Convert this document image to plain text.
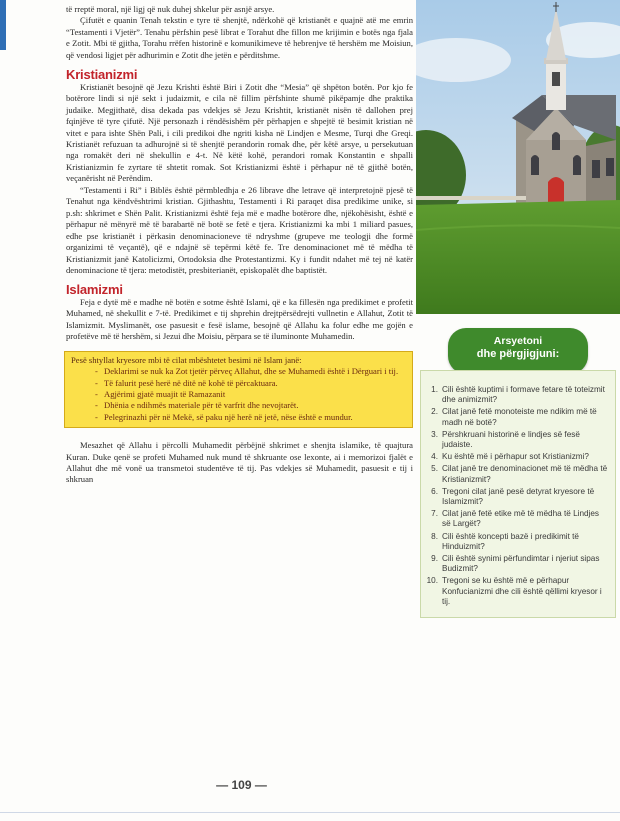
të rreptë moral, një ligj që nuk duhej shkelur për asnjë arsye.

Çifutët e quanin Tenah tekstin e tyre të shenjtë, ndërkohë që kristianët e quajnë atë me emrin “Testamenti i Vjetër”. Tenahu përfshin pesë librat e Torahut dhe fillon me krijimin e botës nga fjala e Zotit. Mbi të gjitha, Torahu rrëfen historinë e komunikimeve të hebrenjve të hershëm me Moisiun, që vendosi ligjet për adhurimin e Zotit dhe jetën e përditshme.

Kristianizmi

Kristianët besojnë që Jezu Krishti është Biri i Zotit dhe “Mesia” që shpëton botën. Por kjo fe botërore lindi si një sekt i judaizmit, e cila në fillim përfshinte shumë pikëpamje dhe praktika judaike. Megjithatë, disa dekada pas vdekjes së Jezu Krishtit, kristianët nisën të dallohen prej fqinjëve të tyre çifutë. Një personazh i rëndësishëm për përhapjen e shpejtë të besimit kristian në vitet e para ishte Shën Pali, i cili predikoi dhe ngriti kisha në Lindjen e Mesme, Turqi dhe Greqi. Kristianët refuzuan ta adhurojnë si të shenjtë perandorin romak dhe, për këtë arsye, u persekutuan nga romakët deri në shekullin e 4-t. Në këtë kohë, perandori romak Konstantin e shpalli Kristianizmin fe zyrtare të shtetit romak. Sot Kristianizmi është i përhapur në të gjithë botën, veçanërisht në Perëndim.

“Testamenti i Ri” i Biblës është përmbledhja e 26 librave dhe letrave që interpretojnë pjesë të Tenahut nga këndvështrimi kristian. Gjithashtu, Testamenti i Ri paraqet disa predikime unike, si p.sh: shkrimet e Shën Palit. Kristianizmi është feja më e madhe botërore dhe, njëkohësisht, është e përhapur në mënyrë më të barabartë në botë se fetë e tjera. Kristianizmi ka mbi 1 miliard pasues, edhe pse kristianët i përkasin denominacioneve të ndryshme (grupeve me teologji dhe formë organizimi të veçantë), që e ndajnë së tepërmi këtë fe. Tre denominacionet më të mëdha të Kristianizmit janë Katolicizmi, Ortodoksia dhe Protestantizmi. Ky i fundit ndahet më tej në katër denominacione të tjera: metodistët, presbiterianët, episkopalët dhe baptistët.

Islamizmi

Feja e dytë më e madhe në botën e sotme është Islami, që e ka fillesën nga predikimet e profetit Muhamed, në shekullit e 7-të. Predikimet e tij shprehin drejtpërsëdrejti vullnetin e Allahut, Zotit të Islamizmit. Myslimanët, ose pasuesit e fesë islame, besojnë që Allahu ka folur edhe me gojën e profetëve më të hershëm, si Jezui dhe Moisiu, përpara se të iluminonte Muhamedin.

Pesë shtyllat kryesore mbi të cilat mbështetet besimi në Islam janë:
- Deklarimi se nuk ka Zot tjetër përveç Allahut, dhe se Muhamedi është i Dërguari i tij.
- Të falurit pesë herë në ditë në kohë të përcaktuara.
- Agjërimi gjatë muajit të Ramazanit
- Dhënia e ndihmës materiale për të varfrit dhe nevojtarët.
- Pelegrinazhi për në Mekë, së paku një herë në jetë, nëse është e mundur.

Mesazhet që Allahu i përcolli Muhamedit përbëjnë shkrimet e shenjta islamike, të quajtura Kuran. Duke qenë se profeti Muhamed nuk mund të shkruante ose lexonte, ai i memorizoi fjalët e Allahut dhe më vonë ua transmetoi studentëve të tij. Pas vdekjes së Muhamedit, pasuesit e tij i shkruan

Arsyetoni
dhe përgjigjuni:
1. Cili është kuptimi i formave fetare të toteizmit dhe animizmit?
2. Cilat janë fetë monoteiste me ndikim më të madh në botë?
3. Përshkruani historinë e lindjes së fesë judaiste.
4. Ku është më i përhapur sot Kristianizmi?
5. Cilat janë tre denominacionet më të mëdha të Kristianizmit?
6. Tregoni cilat janë pesë detyrat kryesore të Islamizmit?
7. Cilat janë fetë etike më të mëdha të Lindjes së Largët?
8. Cili është koncepti bazë i predikimit të Hinduizmit?
9. Cili është synimi përfundimtar i njeriut sipas Budizmit?
10. Tregoni se ku është më e përhapur Konfucianizmi dhe cili është qëllimi kryesor i tij.
— 109 —
